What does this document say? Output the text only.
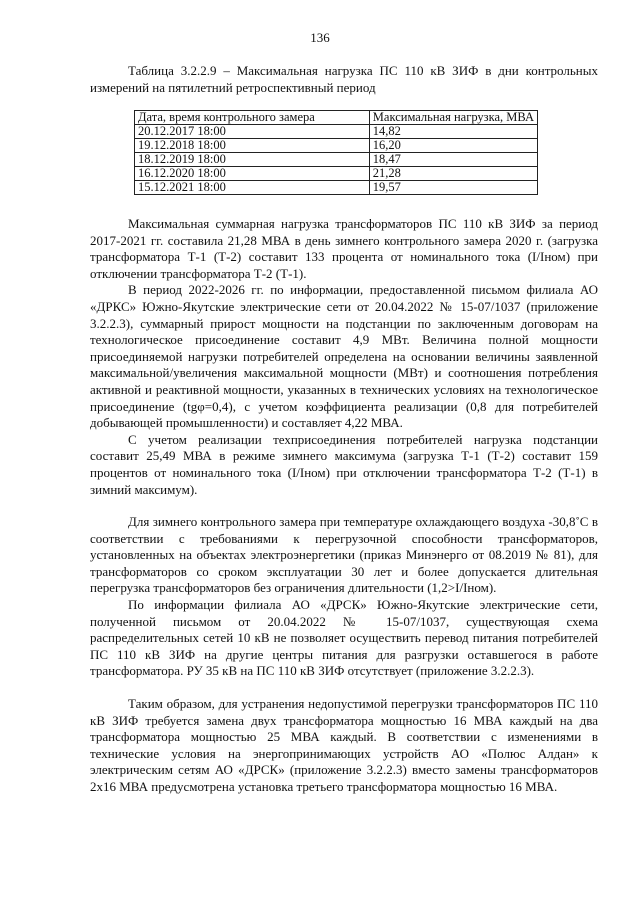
136
Таблица 3.2.2.9 – Максимальная нагрузка ПС 110 кВ ЗИФ в дни контрольных измерений на пятилетний ретроспективный период
Дата, время контрольного замера	Максимальная нагрузка, МВА
20.12.2017 18:00	14,82
19.12.2018 18:00	16,20
18.12.2019 18:00	18,47
16.12.2020 18:00	21,28
15.12.2021 18:00	19,57

Максимальная суммарная нагрузка трансформаторов ПС 110 кВ ЗИФ за период 2017-2021 гг. составила 21,28 МВА в день зимнего контрольного замера 2020 г. (загрузка трансформатора Т-1 (Т-2) составит 133 процента от номинального тока (I/Iном) при отключении трансформатора Т-2 (Т-1).

В период 2022-2026 гг. по информации, предоставленной письмом филиала АО «ДРКС» Южно-Якутские электрические сети от 20.04.2022 № 15-07/1037 (приложение 3.2.2.3), суммарный прирост мощности на подстанции по заключенным договорам на технологическое присоединение составит 4,9 МВт. Величина полной мощности присоединяемой нагрузки потребителей определена на основании величины заявленной максимальной/увеличения максимальной мощности (МВт) и соотношения потребления активной и реактивной мощности, указанных в технических условиях на технологическое присоединение (tgφ=0,4), с учетом коэффициента реализации (0,8 для потребителей добывающей промышленности) и составляет 4,22 МВА.

С учетом реализации техприсоединения потребителей нагрузка подстанции составит 25,49 МВА в режиме зимнего максимума (загрузка Т-1 (Т-2) составит 159 процентов от номинального тока (I/Iном) при отключении трансформатора Т-2 (Т-1) в зимний максимум).

Для зимнего контрольного замера при температуре охлаждающего воздуха -30,8˚С в соответствии с требованиями к перегрузочной способности трансформаторов, установленных на объектах электроэнергетики (приказ Минэнерго от 08.2019 № 81), для трансформаторов со сроком эксплуатации 30 лет и более допускается длительная перегрузка трансформаторов без ограничения длительности (1,2>I/Iном).

По информации филиала АО «ДРСК» Южно-Якутские электрические сети, полученной письмом от 20.04.2022 № 15-07/1037, существующая схема распределительных сетей 10 кВ не позволяет осуществить перевод питания потребителей ПС 110 кВ ЗИФ на другие центры питания для разгрузки оставшегося в работе трансформатора. РУ 35 кВ на ПС 110 кВ ЗИФ отсутствует (приложение 3.2.2.3).

Таким образом, для устранения недопустимой перегрузки трансформаторов ПС 110 кВ ЗИФ требуется замена двух трансформатора мощностью 16 МВА каждый на два трансформатора мощностью 25 МВА каждый. В соответствии с изменениями в технические условия на энергопринимающих устройств АО «Полюс Алдан» к электрическим сетям АО «ДРСК» (приложение 3.2.2.3) вместо замены трансформаторов 2х16 МВА предусмотрена установка третьего трансформатора мощностью 16 МВА.
